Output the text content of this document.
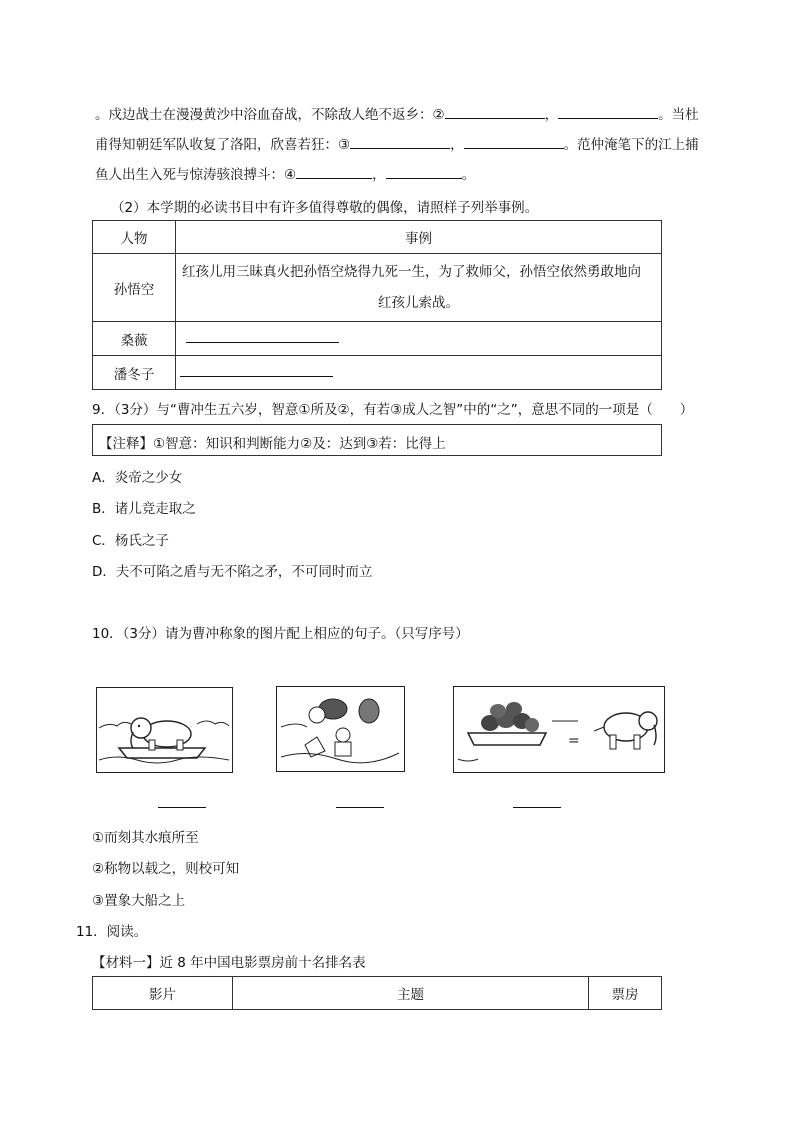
。戍边战士在漫漫黄沙中浴血奋战，不除敌人绝不返乡：②	，	。当杜
甫得知朝廷军队收复了洛阳，欣喜若狂：③	，	。范仲淹笔下的江上捕
鱼人出生入死与惊涛骇浪搏斗：④	，	。
（2）本学期的必读书目中有许多值得尊敬的偶像，请照样子列举事例。
人物	事例
孙悟空	红孩儿用三昧真火把孙悟空烧得九死一生，为了救师父，孙悟空依然勇敢地向
红孩儿索战。

桑薇	
潘冬子	
9．（3分）与“曹冲生五六岁，智意①所及②，有若③成人之智”中的“之”，意思不同的一项是（　　）
【注释】①智意：知识和判断能力②及：达到③若：比得上
A．炎帝之少女
B．诸儿竞走取之
C．杨氏之子
D．夫不可陷之盾与无不陷之矛，不可同时而立
10．（3分）请为曹冲称象的图片配上相应的句子。（只写序号）
=
①而刻其水痕所至
②称物以载之，则校可知
③置象大船之上
11．阅读。
【材料一】近 8 年中国电影票房前十名排名表
影片	主题	票房
